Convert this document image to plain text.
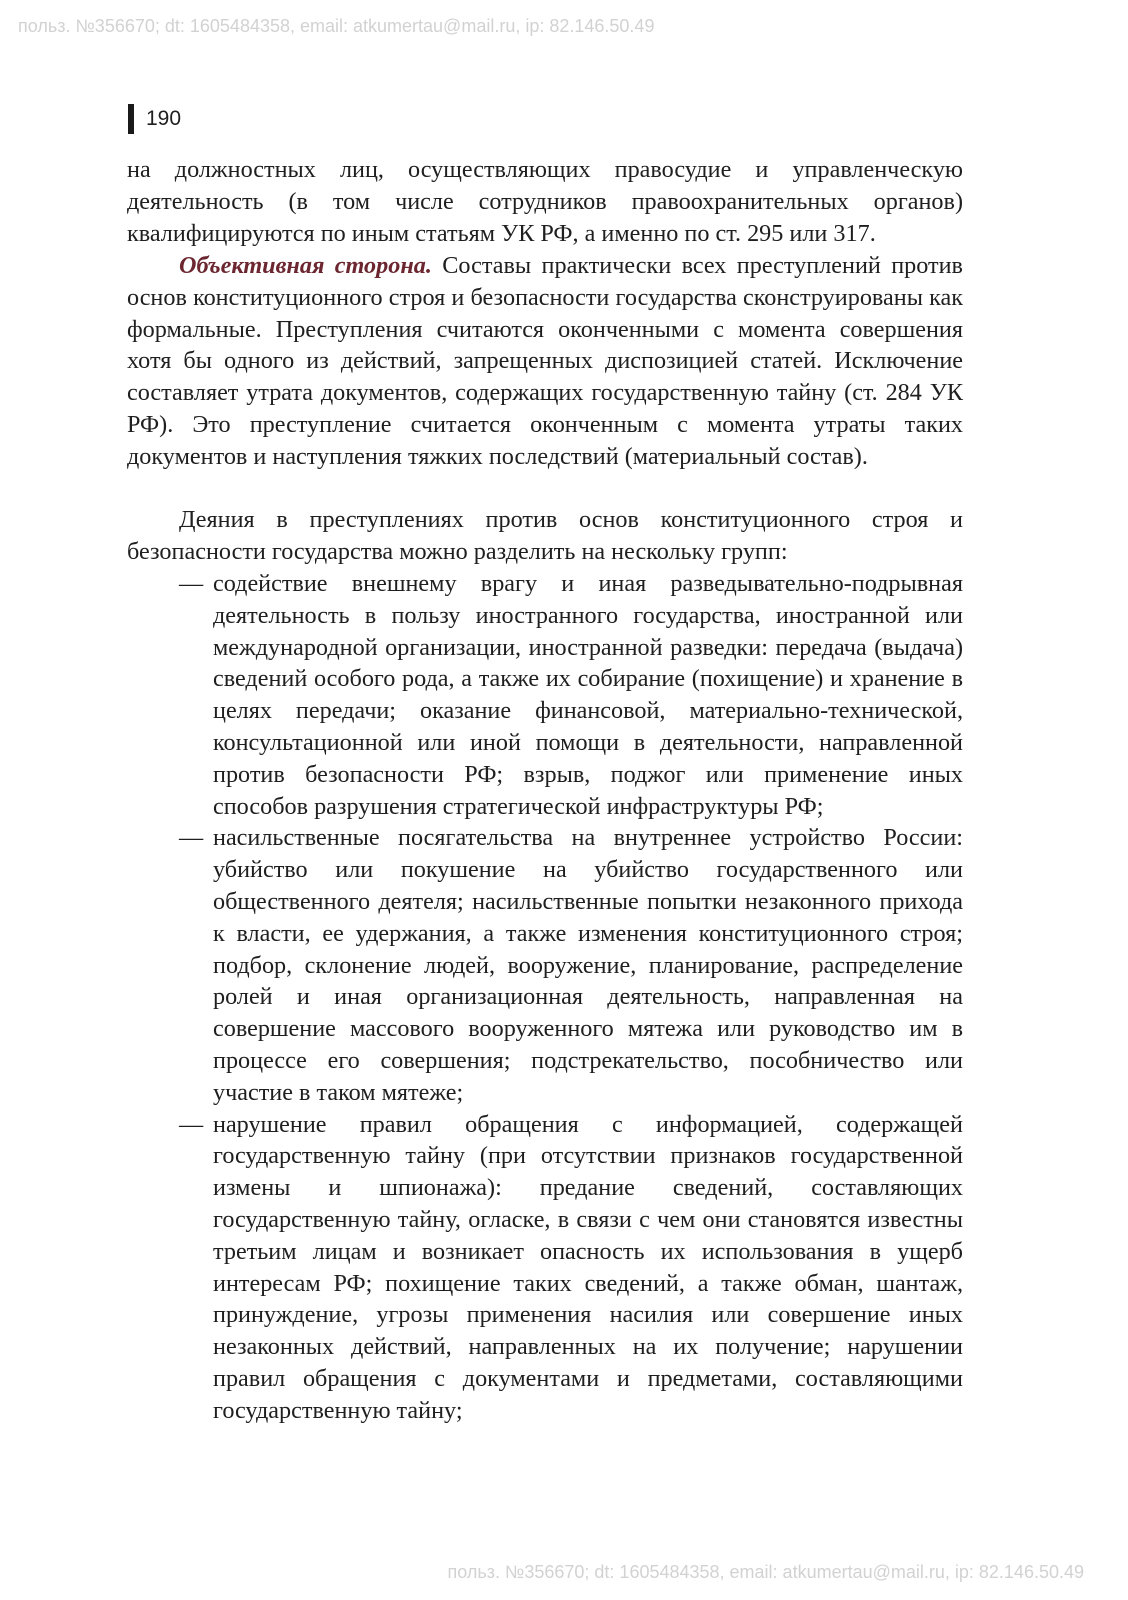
польз. №356670; dt: 1605484358, email: atkumertau@mail.ru, ip: 82.146.50.49
190

на должностных лиц, осуществляющих правосудие и управленческую деятельность (в том числе сотрудников правоохранительных органов) квалифицируются по иным статьям УК РФ, а именно по ст. 295 или 317.

Объективная сторона. Составы практически всех преступлений против основ конституционного строя и безопасности государства сконструированы как формальные. Преступления считаются оконченными с момента совершения хотя бы одного из действий, запрещенных диспозицией статей. Исключение составляет утрата документов, содержащих государственную тайну (ст. 284 УК РФ). Это преступление считается оконченным с момента утраты таких документов и наступления тяжких последствий (материальный состав).

Деяния в преступлениях против основ конституционного строя и безопасности государства можно разделить на нескольку групп:

— содействие внешнему врагу и иная разведывательно-подрывная деятельность в пользу иностранного государства, иностранной или международной организации, иностранной разведки: передача (выдача) сведений особого рода, а также их собирание (похищение) и хранение в целях передачи; оказание финансовой, материально-технической, консультационной или иной помощи в деятельности, направленной против безопасности РФ; взрыв, поджог или применение иных способов разрушения стратегической инфраструктуры РФ;
— насильственные посягательства на внутреннее устройство России: убийство или покушение на убийство государственного или общественного деятеля; насильственные попытки незаконного прихода к власти, ее удержания, а также изменения конституционного строя; подбор, склонение людей, вооружение, планирование, распределение ролей и иная организационная деятельность, направленная на совершение массового вооруженного мятежа или руководство им в процессе его совершения; подстрекательство, пособничество или участие в таком мятеже;
— нарушение правил обращения с информацией, содержащей государственную тайну (при отсутствии признаков государственной измены и шпионажа): предание сведений, составляющих государственную тайну, огласке, в связи с чем они становятся известны третьим лицам и возникает опасность их использования в ущерб интересам РФ; похищение таких сведений, а также обман, шантаж, принуждение, угрозы применения насилия или совершение иных незаконных действий, направленных на их получение; нарушении правил обращения с документами и предметами, составляющими государственную тайну;
польз. №356670; dt: 1605484358, email: atkumertau@mail.ru, ip: 82.146.50.49
